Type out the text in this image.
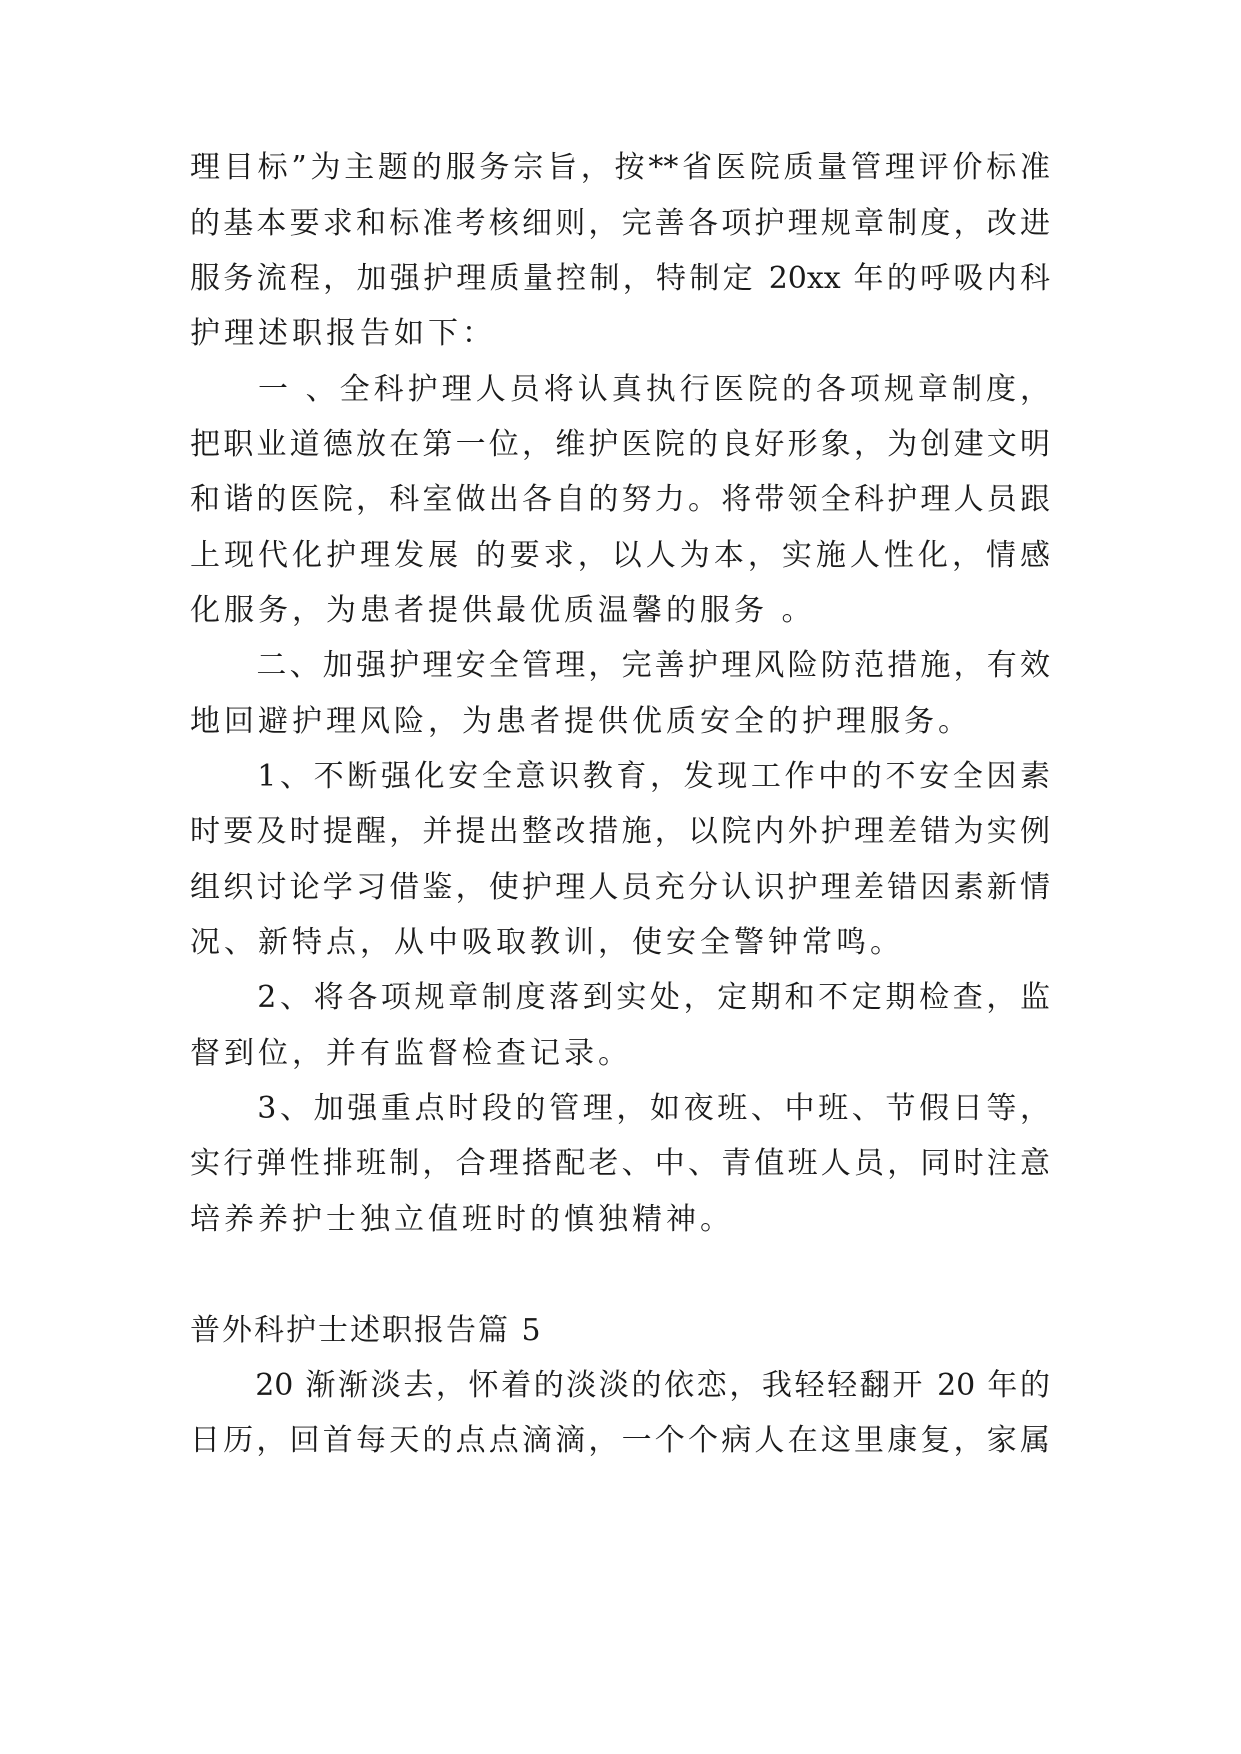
理目标”为主题的服务宗旨，按**省医院质量管理评价标准
的基本要求和标准考核细则，完善各项护理规章制度，改进
服务流程，加强护理质量控制，特制定 20xx 年的呼吸内科
护理述职报告如下：
　　一 、全科护理人员将认真执行医院的各项规章制度，
把职业道德放在第一位，维护医院的良好形象，为创建文明
和谐的医院，科室做出各自的努力。将带领全科护理人员跟
上现代化护理发展 的要求，以人为本，实施人性化，情感
化服务，为患者提供最优质温馨的服务 。
　　二、加强护理安全管理，完善护理风险防范措施，有效
地回避护理风险，为患者提供优质安全的护理服务。
　　1、不断强化安全意识教育，发现工作中的不安全因素
时要及时提醒，并提出整改措施，以院内外护理差错为实例
组织讨论学习借鉴，使护理人员充分认识护理差错因素新情
况、新特点，从中吸取教训，使安全警钟常鸣。
　　2、将各项规章制度落到实处，定期和不定期检查，监
督到位，并有监督检查记录。
　　3、加强重点时段的管理，如夜班、中班、节假日等，
实行弹性排班制，合理搭配老、中、青值班人员，同时注意
培养养护士独立值班时的慎独精神。
普外科护士述职报告篇 5
　　20 渐渐淡去，怀着的淡淡的依恋，我轻轻翻开 20 年的
日历，回首每天的点点滴滴，一个个病人在这里康复，家属
